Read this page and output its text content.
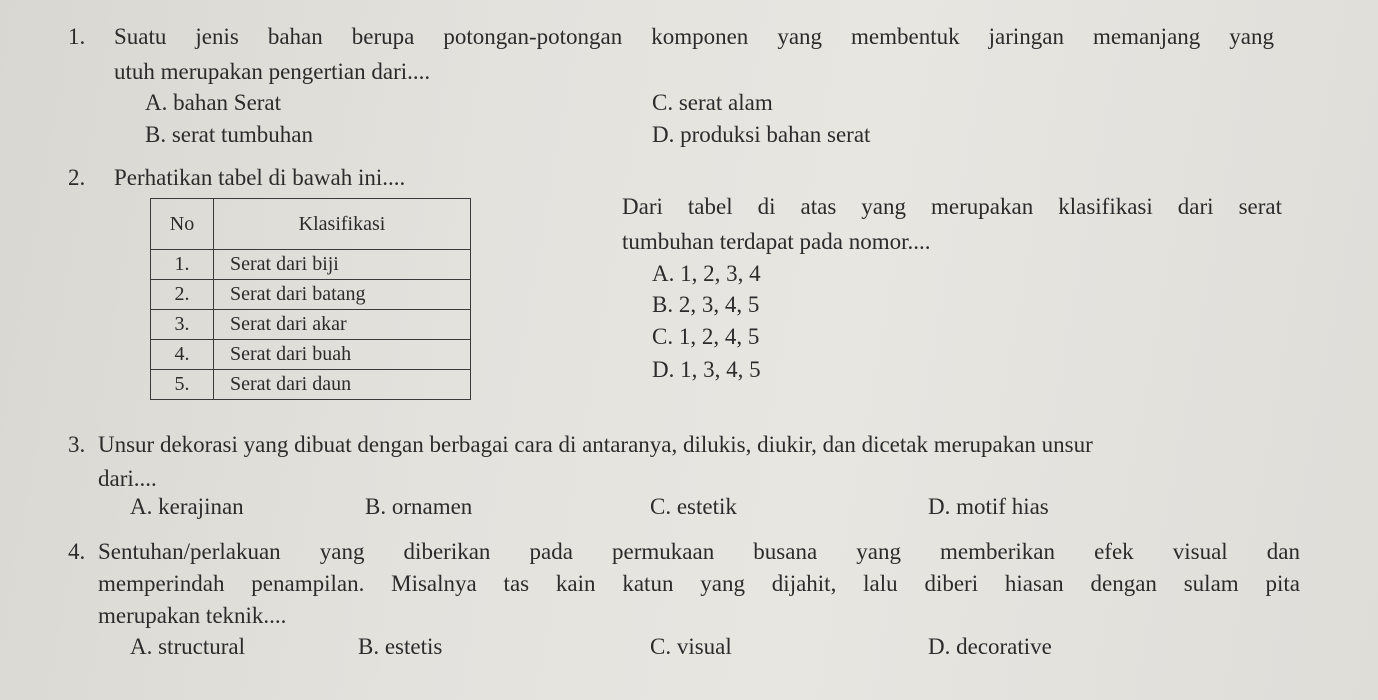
1. Suatu jenis bahan berupa potongan-potongan komponen yang membentuk jaringan memanjang yang
utuh merupakan pengertian dari....
A. bahan Serat
B. serat tumbuhan
C. serat alam
D. produksi bahan serat
2. Perhatikan tabel di bawah ini....
No	Klasifikasi
1.	Serat dari biji
2.	Serat dari batang
3.	Serat dari akar
4.	Serat dari buah
5.	Serat dari daun
Dari tabel di atas yang merupakan klasifikasi dari serat
tumbuhan terdapat pada nomor....
A. 1, 2, 3, 4
B. 2, 3, 4, 5
C. 1, 2, 4, 5
D. 1, 3, 4, 5
3. Unsur dekorasi yang dibuat dengan berbagai cara di antaranya, dilukis, diukir, dan dicetak merupakan unsur
dari....
A. kerajinan	B. ornamen	C. estetik	D. motif hias
4. Sentuhan/perlakuan yang diberikan pada permukaan busana yang memberikan efek visual dan
memperindah penampilan. Misalnya tas kain katun yang dijahit, lalu diberi hiasan dengan sulam pita
merupakan teknik....
A. structural	B. estetis	C. visual	D. decorative
